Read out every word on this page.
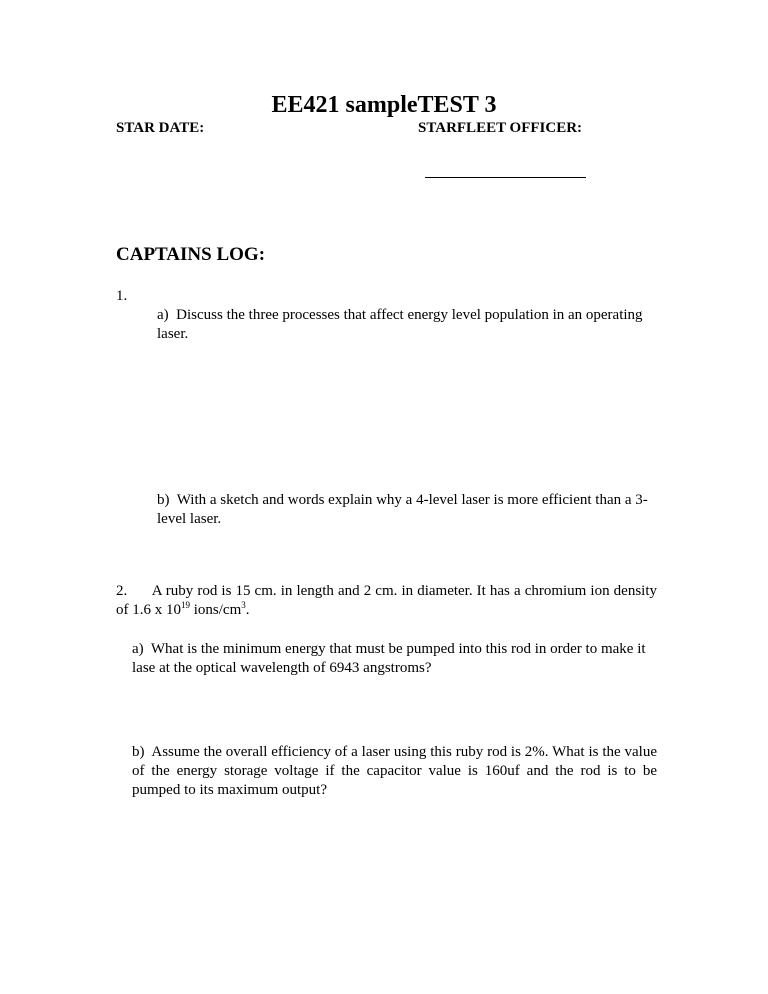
EE421 sampleTEST 3
STAR DATE:	STARFLEET OFFICER:
CAPTAINS LOG:
1.
a) Discuss the three processes that affect energy level population in an operating laser.
b) With a sketch and words explain why a 4-level laser is more efficient than a 3-level laser.
2. A ruby rod is 15 cm. in length and 2 cm. in diameter. It has a chromium ion density of 1.6 x $10^{19}$ ions/$cm^3$.
a) What is the minimum energy that must be pumped into this rod in order to make it lase at the optical wavelength of 6943 angstroms?
b) Assume the overall efficiency of a laser using this ruby rod is 2%. What is the value of the energy storage voltage if the capacitor value is 160uf and the rod is to be pumped to its maximum output?
